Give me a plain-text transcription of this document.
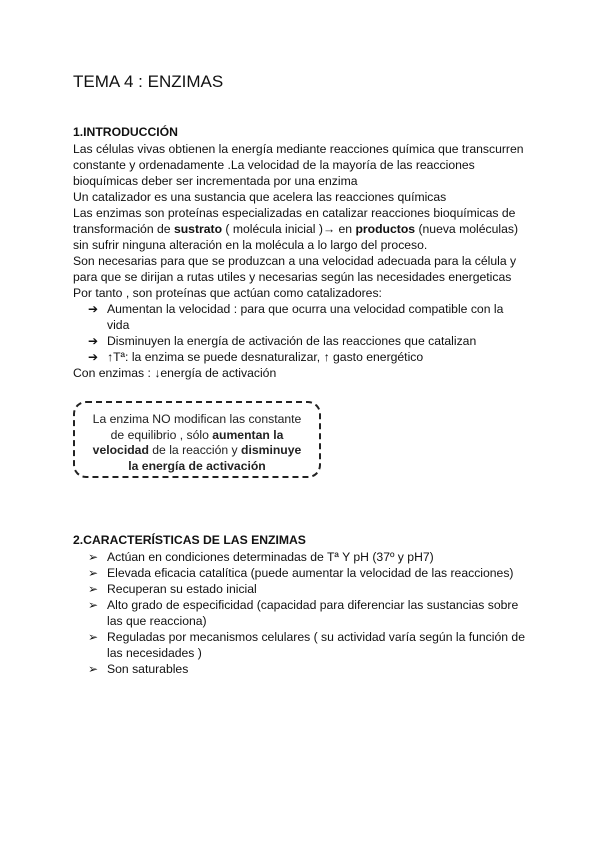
TEMA 4 : ENZIMAS
1.INTRODUCCIÓN
Las células vivas obtienen la energía mediante reacciones química que transcurren
constante y ordenadamente .La velocidad de la mayoría de las reacciones
bioquímicas deber ser incrementada por una enzima
Un catalizador es una sustancia que acelera las reacciones químicas
Las enzimas son proteínas especializadas en catalizar reacciones bioquímicas de
transformación de sustrato ( molécula inicial )→ en productos (nueva moléculas)
sin sufrir ninguna alteración en la molécula a lo largo del proceso.
Son necesarias para que se produzcan a una velocidad adecuada para la célula y
para que se dirijan a rutas utiles y necesarias según las necesidades energeticas
Por tanto , son proteínas que actúan como catalizadores:
➔ Aumentan la velocidad : para que ocurra una velocidad compatible con la
vida
➔ Disminuyen la energía de activación de las reacciones que catalizan
➔ ↑Tª: la enzima se puede desnaturalizar, ↑ gasto energético
Con enzimas : ↓energía de activación
La enzima NO modifican las constante
de equilibrio , sólo aumentan la
velocidad de la reacción y disminuye
la energía de activación
2.CARACTERÍSTICAS DE LAS ENZIMAS
➢ Actúan en condiciones determinadas de Tª Y pH (37º y pH7)
➢ Elevada eficacia catalítica (puede aumentar la velocidad de las reacciones)
➢ Recuperan su estado inicial
➢ Alto grado de especificidad (capacidad para diferenciar las sustancias sobre
las que reacciona)
➢ Reguladas por mecanismos celulares ( su actividad varía según la función de
las necesidades )
➢ Son saturables
